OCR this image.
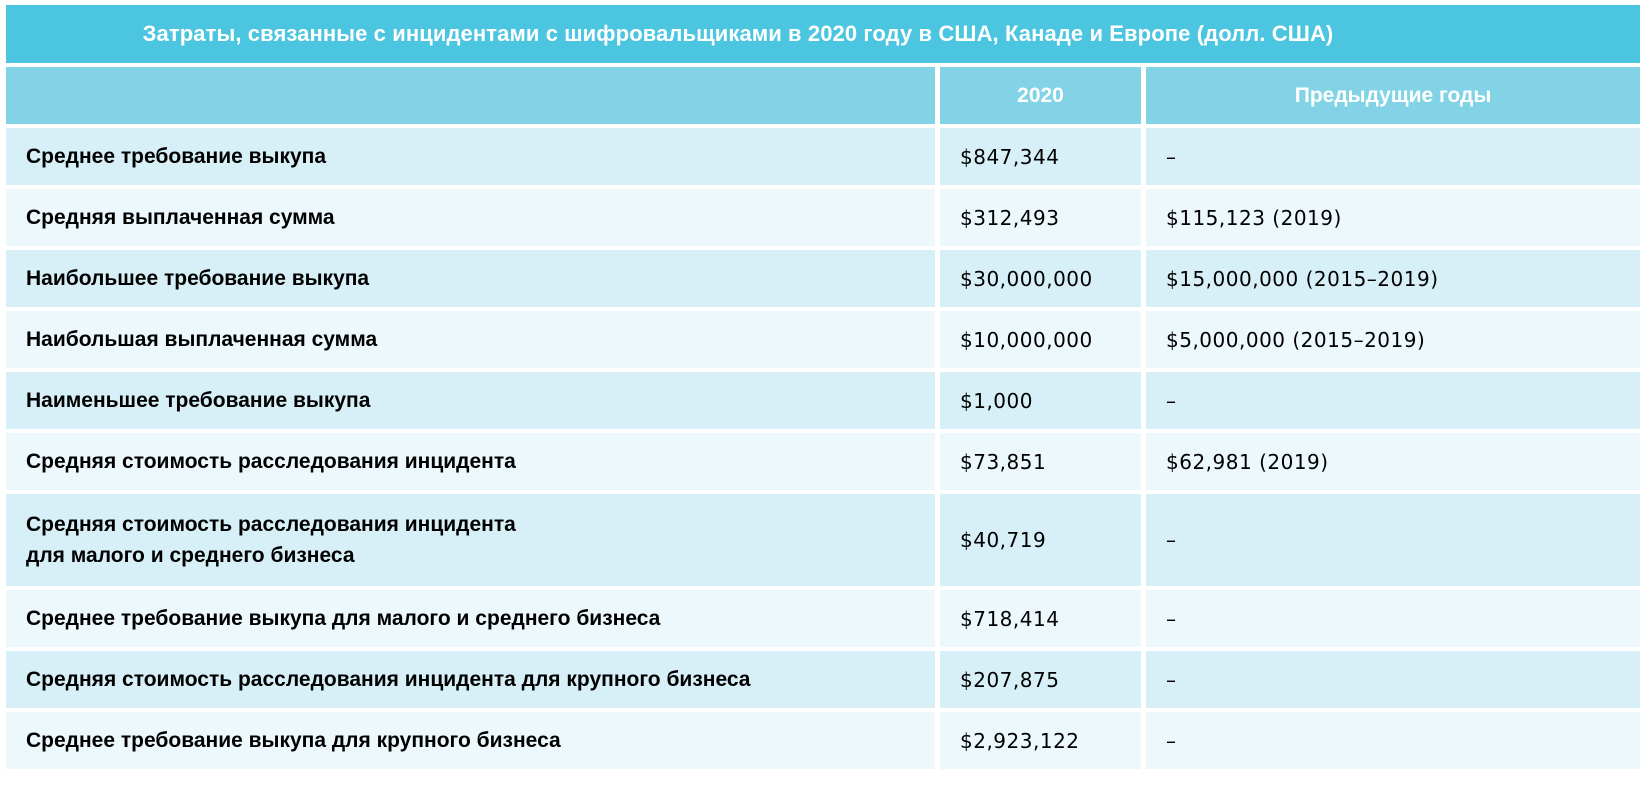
Затраты, связанные с инцидентами с шифровальщиками в 2020 году в США, Канаде и Европе (долл. США)
	2020	Предыдущие годы
Среднее требование выкупа	$847,344	–
Средняя выплаченная сумма	$312,493	$115,123 (2019)
Наибольшее требование выкупа	$30,000,000	$15,000,000 (2015–2019)
Наибольшая выплаченная сумма	$10,000,000	$5,000,000 (2015–2019)
Наименьшее требование выкупа	$1,000	–
Средняя стоимость расследования инцидента	$73,851	$62,981 (2019)

Средняя стоимость расследования инцидента
для малого и среднего бизнеса	$40,719	–
Среднее требование выкупа для малого и среднего бизнеса	$718,414	–
Средняя стоимость расследования инцидента для крупного бизнеса	$207,875	–
Среднее требование выкупа для крупного бизнеса	$2,923,122	–
